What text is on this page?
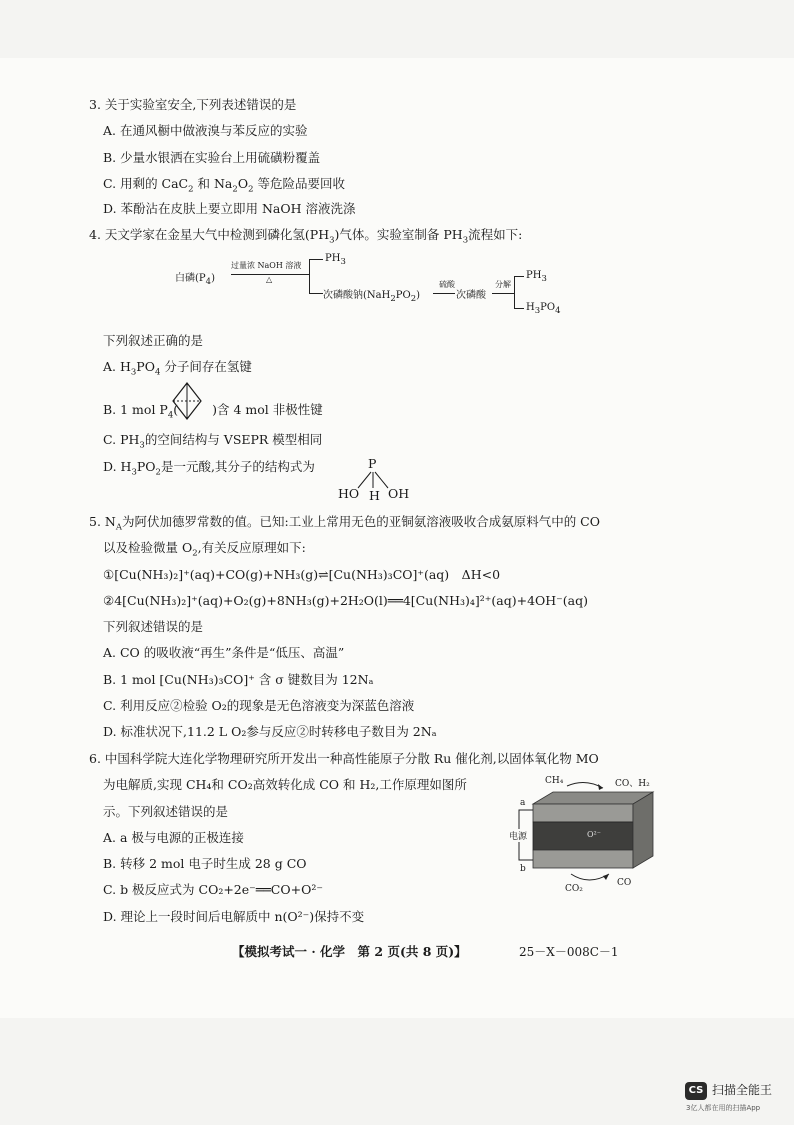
3. 关于实验室安全,下列表述错误的是
A. 在通风橱中做液溴与苯反应的实验
B. 少量水银洒在实验台上用硫磺粉覆盖
C. 用剩的 CaC$_2$ 和 $Na_2O_2$ 等危险品要回收
D. 苯酚沾在皮肤上要立即用 NaOH 溶液洗涤
4. 天文学家在金星大气中检测到磷化氢$(PH_3)$气体。实验室制备 $PH_3$流程如下:
白磷$(P_4)$
过量浓 NaOH 溶液
△
$PH_3$
次磷酸钠$(NaH_2PO_2)$
硫酸
次磷酸
分解
$PH_3$
$H_3PO_4$
下列叙述正确的是
A. $H_3PO_4$ 分子间存在氢键
B. 1 mol $P_4$(	)含 4 mol 非极性键
C. $PH_3$的空间结构与 VSEPR 模型相同
D. $H_3PO_2$是一元酸,其分子的结构式为	P
HO H OH
5. $N_A$为阿伏加德罗常数的值。已知:工业上常用无色的亚铜氨溶液吸收合成氨原料气中的 CO
以及检验微量 $O_2$,有关反应原理如下:
①[Cu(NH₃)₂]⁺(aq)+CO(g)+NH₃(g)⇌[Cu(NH₃)₃CO]⁺(aq)　ΔH<0
②4[Cu(NH₃)₂]⁺(aq)+O₂(g)+8NH₃(g)+2H₂O(l)══4[Cu(NH₃)₄]²⁺(aq)+4OH⁻(aq)
下列叙述错误的是
A. CO 的吸收液“再生”条件是“低压、高温”
B. 1 mol [Cu(NH₃)₃CO]⁺ 含 σ 键数目为 12Nₐ
C. 利用反应②检验 O₂的现象是无色溶液变为深蓝色溶液
D. 标准状况下,11.2 L O₂参与反应②时转移电子数目为 2Nₐ
6. 中国科学院大连化学物理研究所开发出一种高性能原子分散 Ru 催化剂,以固体氧化物 MO
为电解质,实现 CH₄和 CO₂高效转化成 CO 和 H₂,工作原理如图所
示。下列叙述错误的是
A. a 极与电源的正极连接
B. 转移 2 mol 电子时生成 28 g CO
C. b 极反应式为 CO₂+2e⁻══CO+O²⁻
D. 理论上一段时间后电解质中 n(O²⁻)保持不变
CH₄	CO、H₂
a
电源
b
O²⁻
CO₂
CO
【模拟考试一 · 化学　第 2 页(共 8 页)】	25－X－008C－1
CS 扫描全能王
3亿人都在用的扫描App
